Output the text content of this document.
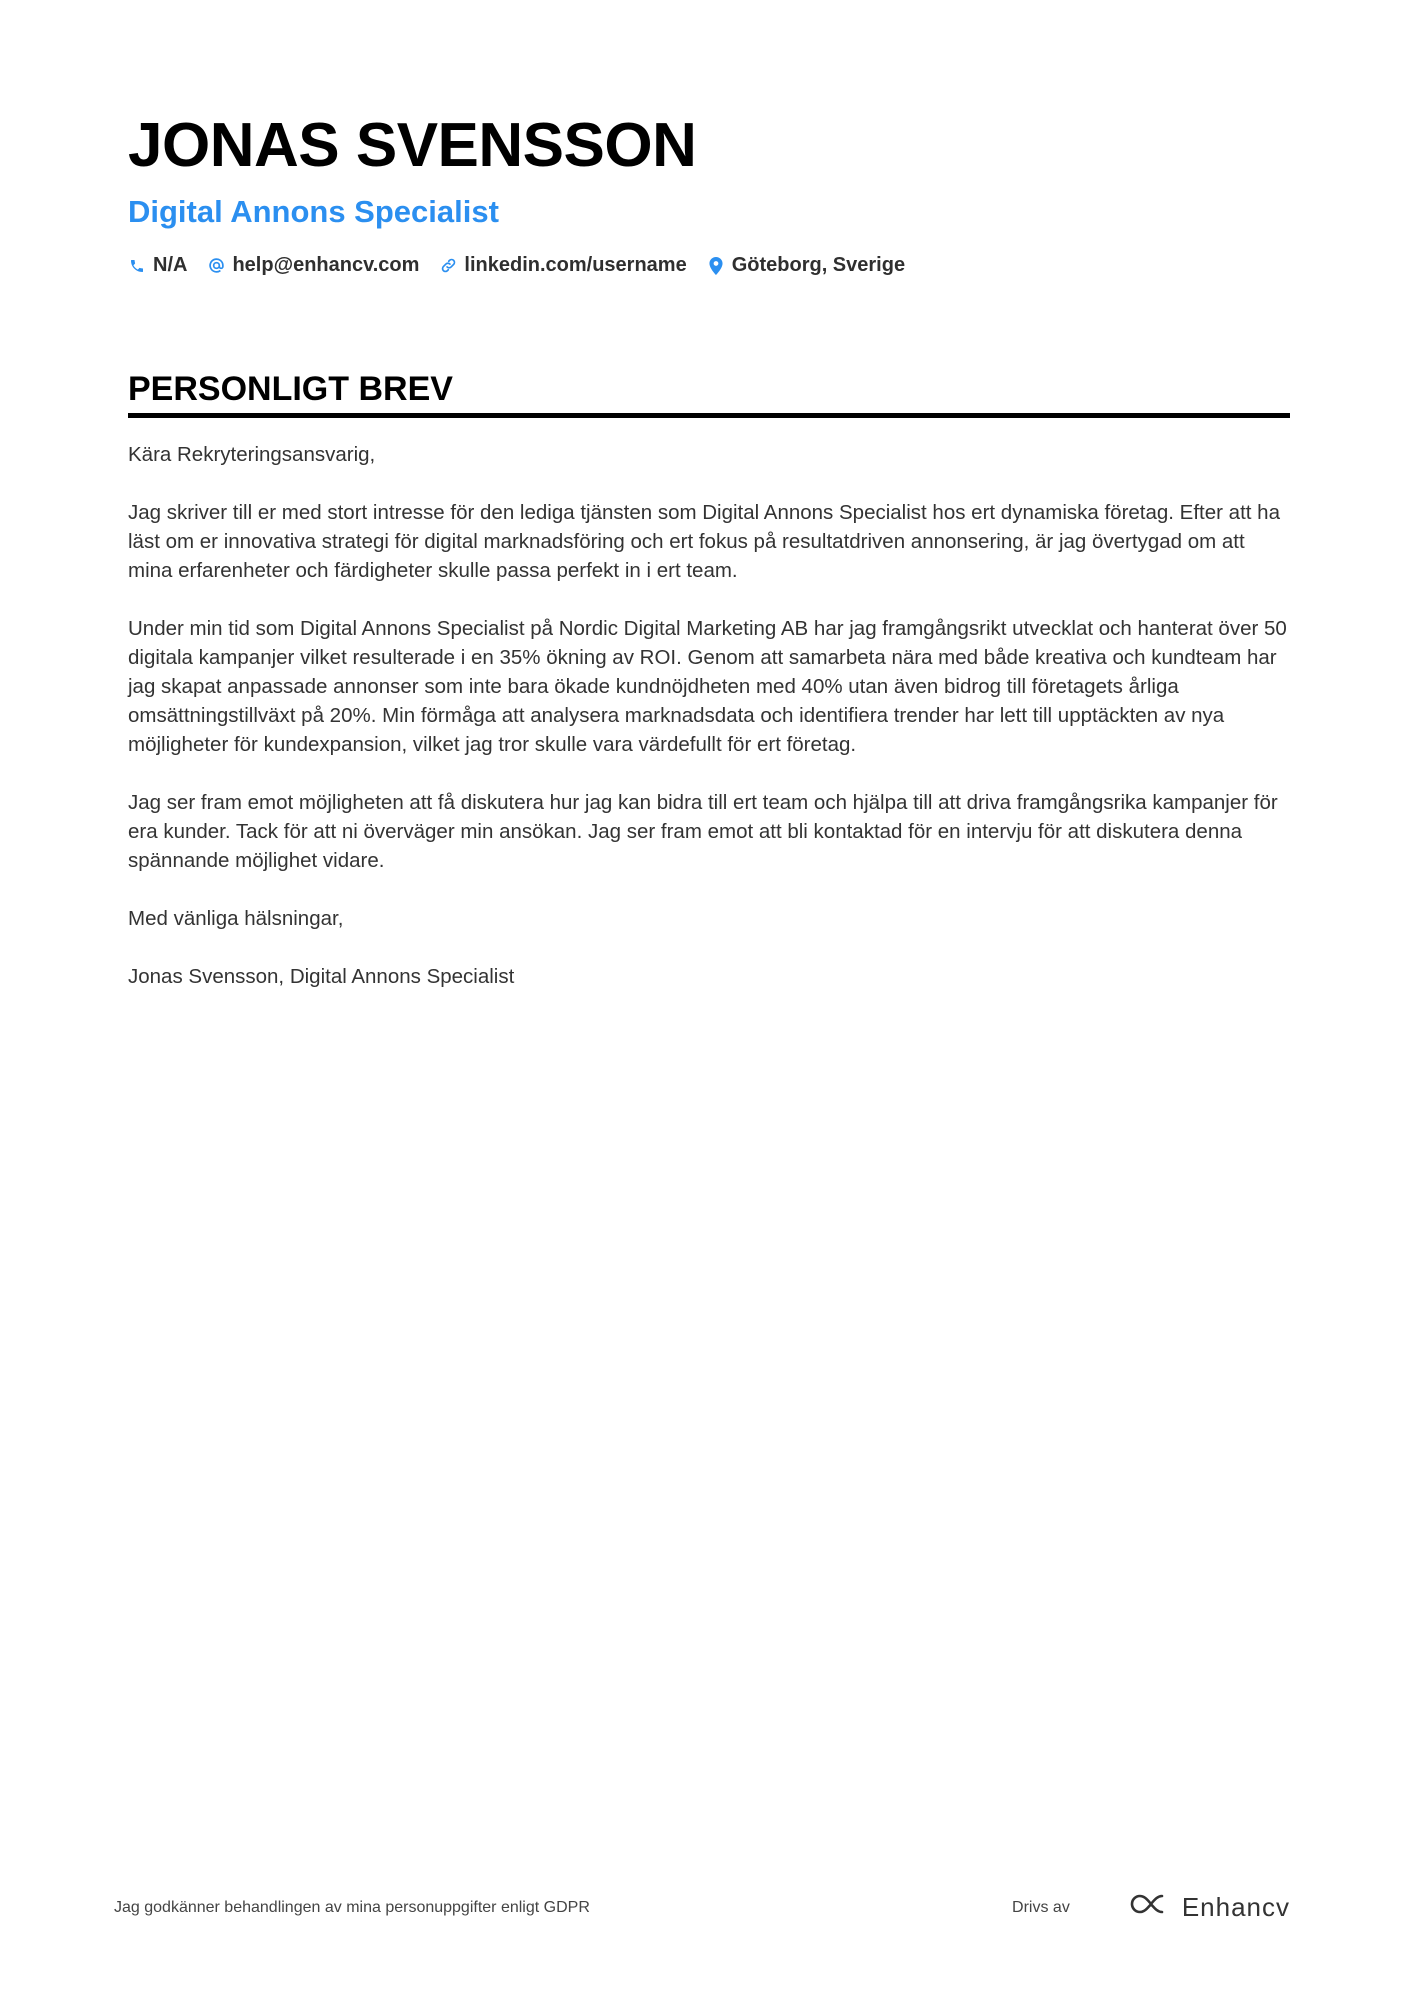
JONAS SVENSSON
Digital Annons Specialist
N/A help@enhancv.com linkedin.com/username Göteborg, Sverige
PERSONLIGT BREV

Kära Rekryteringsansvarig,

Jag skriver till er med stort intresse för den lediga tjänsten som Digital Annons Specialist hos ert dynamiska företag. Efter att ha läst om er innovativa strategi för digital marknadsföring och ert fokus på resultatdriven annonsering, är jag övertygad om att mina erfarenheter och färdigheter skulle passa perfekt in i ert team.

Under min tid som Digital Annons Specialist på Nordic Digital Marketing AB har jag framgångsrikt utvecklat och hanterat över 50 digitala kampanjer vilket resulterade i en 35% ökning av ROI. Genom att samarbeta nära med både kreativa och kundteam har jag skapat anpassade annonser som inte bara ökade kundnöjdheten med 40% utan även bidrog till företagets årliga omsättningstillväxt på 20%. Min förmåga att analysera marknadsdata och identifiera trender har lett till upptäckten av nya möjligheter för kundexpansion, vilket jag tror skulle vara värdefullt för ert företag.

Jag ser fram emot möjligheten att få diskutera hur jag kan bidra till ert team och hjälpa till att driva framgångsrika kampanjer för era kunder. Tack för att ni överväger min ansökan. Jag ser fram emot att bli kontaktad för en intervju för att diskutera denna spännande möjlighet vidare.

Med vänliga hälsningar,

Jonas Svensson, Digital Annons Specialist

Jag godkänner behandlingen av mina personuppgifter enligt GDPR	Drivs av	Enhancv
